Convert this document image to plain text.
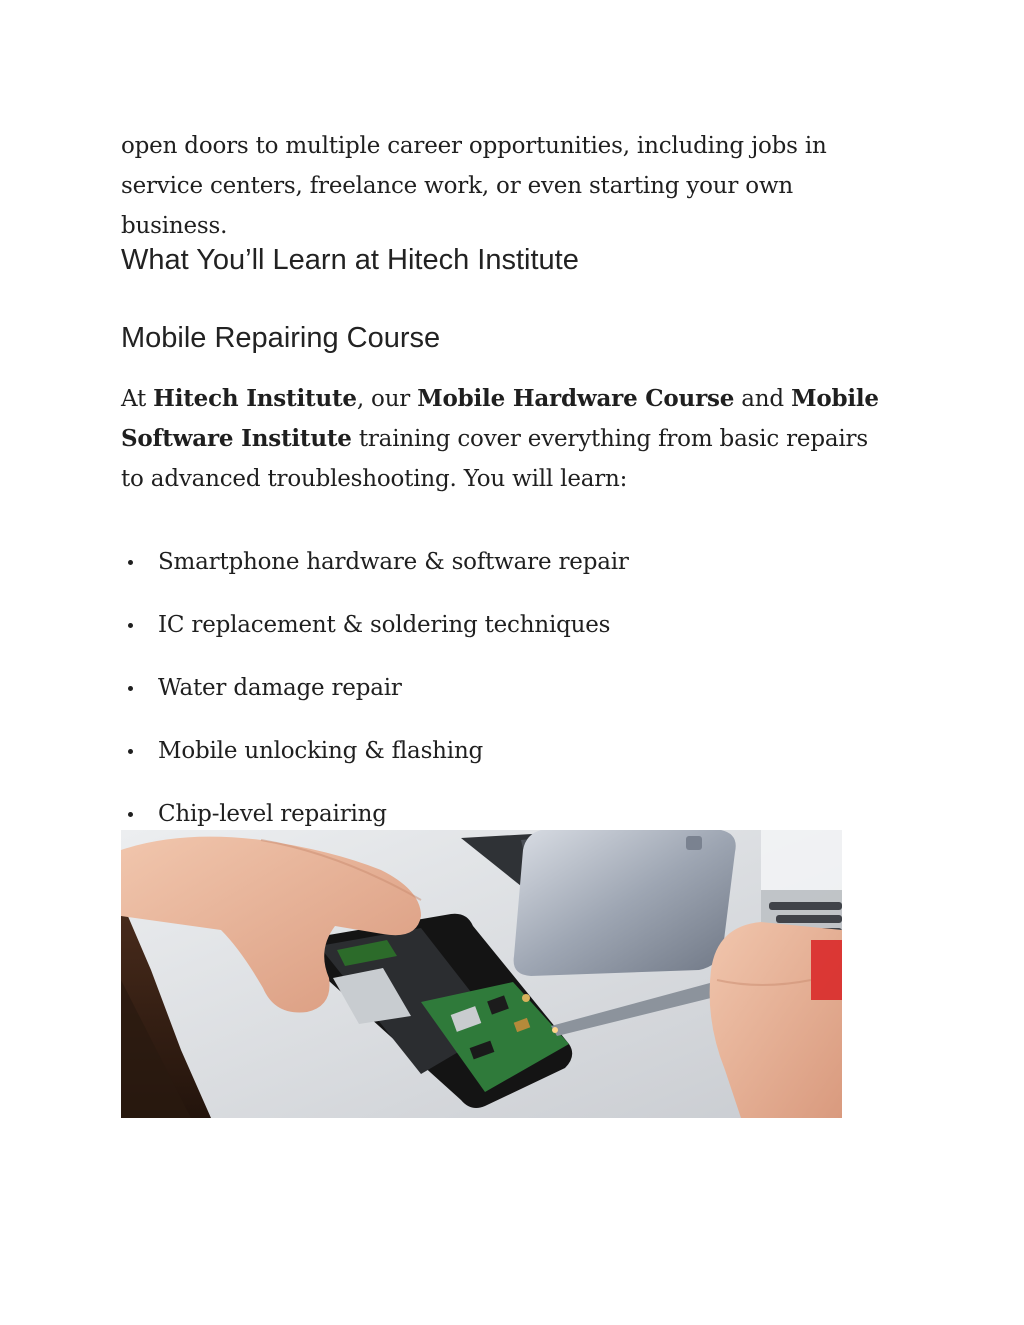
open doors to multiple career opportunities, including jobs in service centers, freelance work, or even starting your own business.

What You’ll Learn at Hitech Institute
Mobile Repairing Course

At Hitech Institute, our Mobile Hardware Course and Mobile Software Institute training cover everything from basic repairs to advanced troubleshooting. You will learn:

Smartphone hardware & software repair
IC replacement & soldering techniques
Water damage repair
Mobile unlocking & flashing
Chip-level repairing
